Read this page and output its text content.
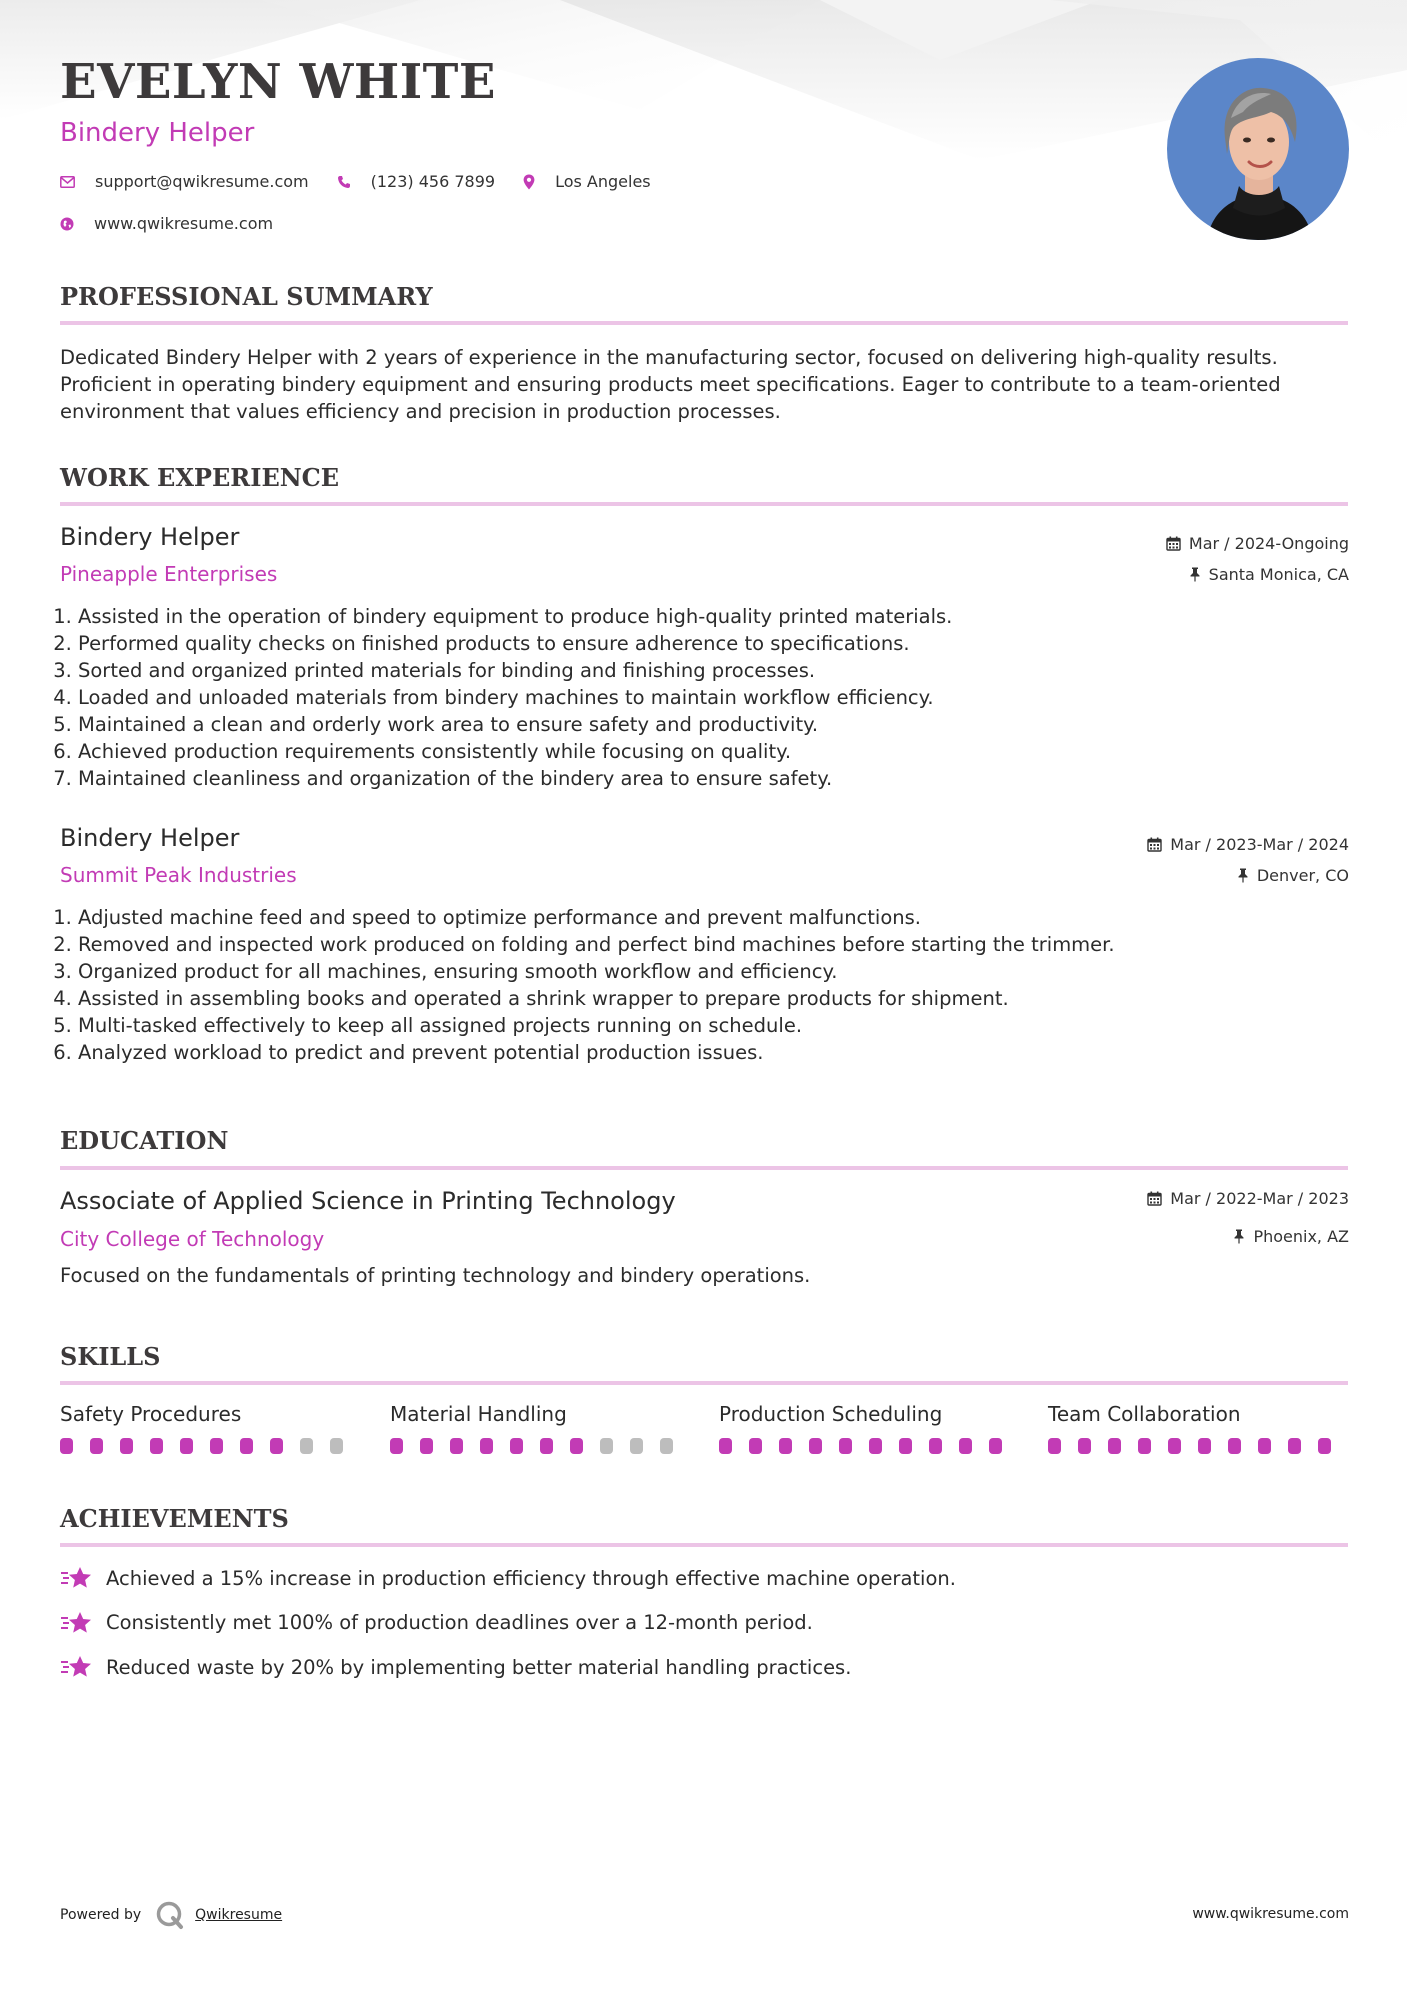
EVELYN WHITE
Bindery Helper
support@qwikresume.com	(123) 456 7899	Los Angeles
www.qwikresume.com
PROFESSIONAL SUMMARY

Dedicated Bindery Helper with 2 years of experience in the manufacturing sector, focused on delivering high-quality results. Proficient in operating bindery equipment and ensuring products meet specifications. Eager to contribute to a team-oriented environment that values efficiency and precision in production processes.

WORK EXPERIENCE
Bindery Helper
Pineapple Enterprises
Mar / 2024-Ongoing
Santa Monica, CA
1. Assisted in the operation of bindery equipment to produce high-quality printed materials.
2. Performed quality checks on finished products to ensure adherence to specifications.
3. Sorted and organized printed materials for binding and finishing processes.
4. Loaded and unloaded materials from bindery machines to maintain workflow efficiency.
5. Maintained a clean and orderly work area to ensure safety and productivity.
6. Achieved production requirements consistently while focusing on quality.
7. Maintained cleanliness and organization of the bindery area to ensure safety.
Bindery Helper
Summit Peak Industries
Mar / 2023-Mar / 2024
Denver, CO
1. Adjusted machine feed and speed to optimize performance and prevent malfunctions.
2. Removed and inspected work produced on folding and perfect bind machines before starting the trimmer.
3. Organized product for all machines, ensuring smooth workflow and efficiency.
4. Assisted in assembling books and operated a shrink wrapper to prepare products for shipment.
5. Multi-tasked effectively to keep all assigned projects running on schedule.
6. Analyzed workload to predict and prevent potential production issues.
EDUCATION
Associate of Applied Science in Printing Technology
City College of Technology
Mar / 2022-Mar / 2023
Phoenix, AZ

Focused on the fundamentals of printing technology and bindery operations.

SKILLS
Safety Procedures	Material Handling	Production Scheduling	Team Collaboration
ACHIEVEMENTS
Achieved a 15% increase in production efficiency through effective machine operation.
Consistently met 100% of production deadlines over a 12-month period.
Reduced waste by 20% by implementing better material handling practices.
Powered by	Qwikresume	www.qwikresume.com
